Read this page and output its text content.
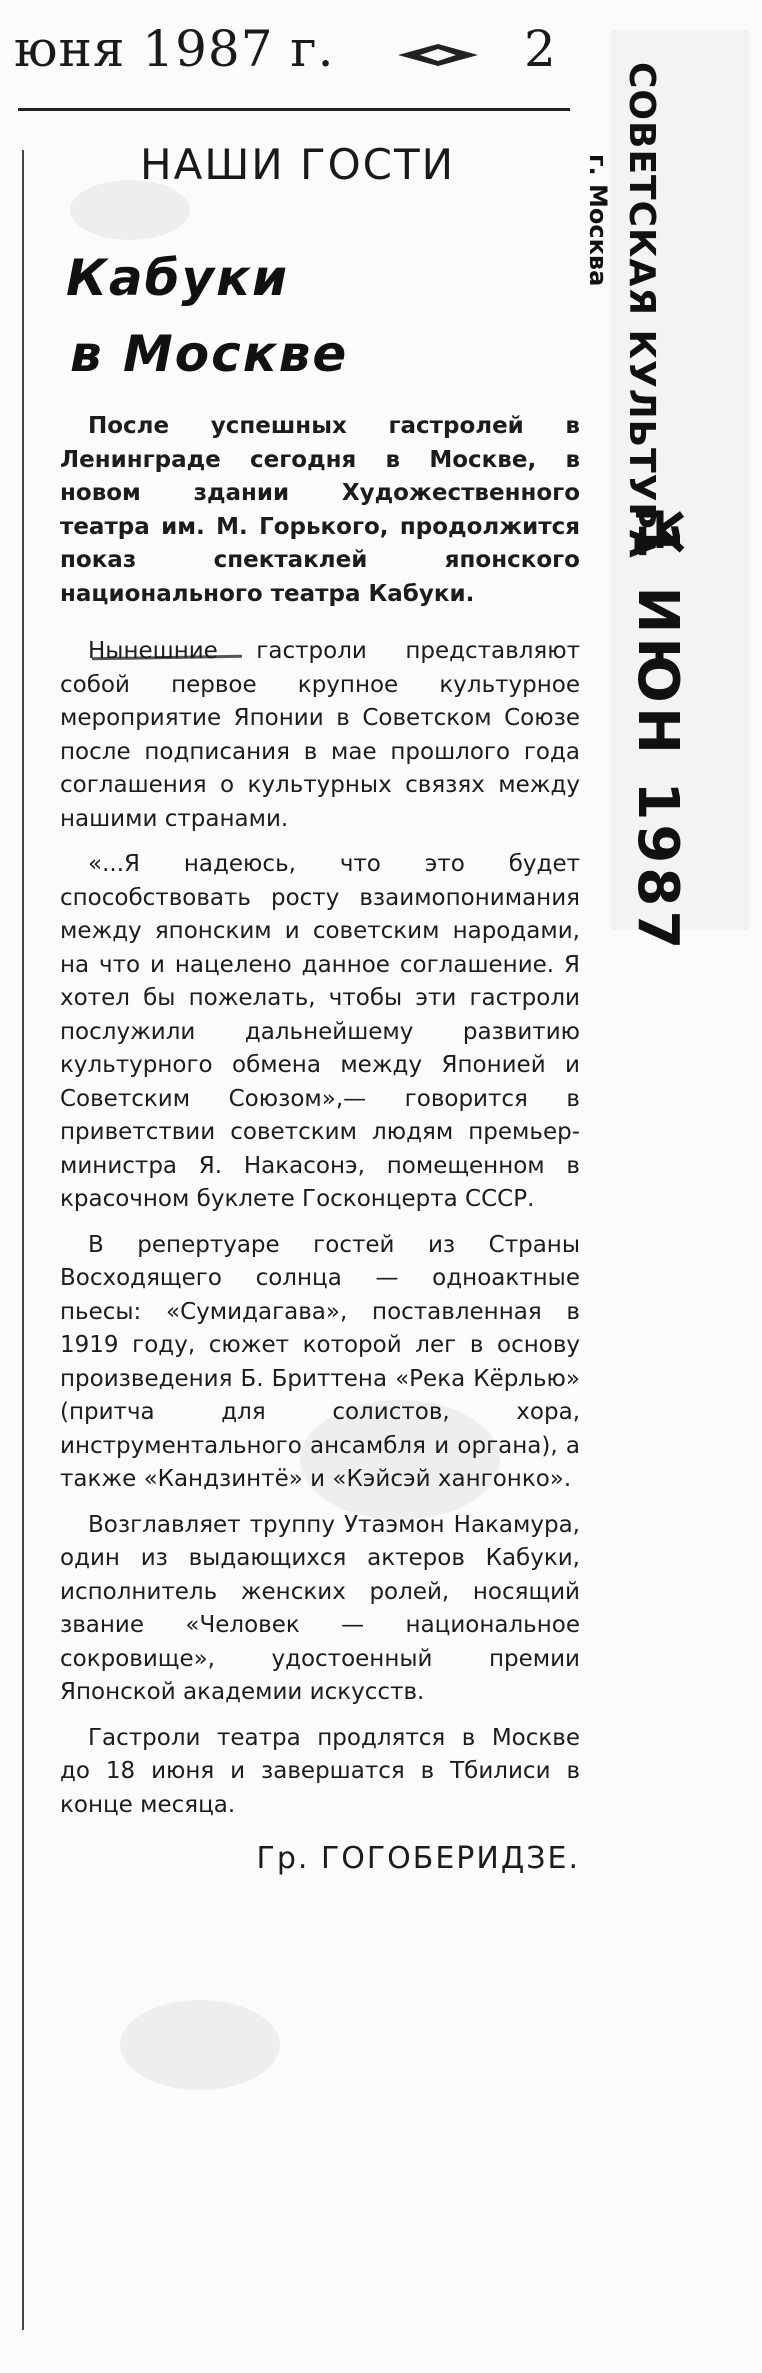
юня 1987 г.	2
НАШИ ГОСТИ
Кабуки
в Москве

После успешных гастролей в Ленинграде сегодня в Москве, в новом здании Художественного театра им. М. Горького, продолжится показ спектаклей японского национального театра Кабуки.

Нынешние гастроли представляют собой первое крупное культурное мероприятие Японии в Советском Союзе после подписания в мае прошлого года соглашения о культурных связях между нашими странами.

«...Я надеюсь, что это будет способствовать росту взаимопонимания между японским и советским народами, на что и нацелено данное соглашение. Я хотел бы пожелать, чтобы эти гастроли послужили дальнейшему развитию культурного обмена между Японией и Советским Союзом»,— говорится в приветствии советским людям премьер-министра Я. Накасонэ, помещенном в красочном буклете Госконцерта СССР.

В репертуаре гостей из Страны Восходящего солнца — одноактные пьесы: «Сумидагава», поставленная в 1919 году, сюжет которой лег в основу произведения Б. Бриттена «Река Кёрлью» (притча для солистов, хора, инструментального ансамбля и органа), а также «Кандзинтё» и «Кэйсэй хангонко».

Возглавляет труппу Утаэмон Накамура, один из выдающихся актеров Кабуки, исполнитель женских ролей, носящий звание «Человек — национальное сокровище», удостоенный премии Японской академии искусств.

Гастроли театра продлятся в Москве до 18 июня и завершатся в Тбилиси в конце месяца.

Гр. ГОГОБЕРИДЗЕ.

СОВЕТСКАЯ КУЛЬТУРА
г. Москва
1 ИЮН 1987
